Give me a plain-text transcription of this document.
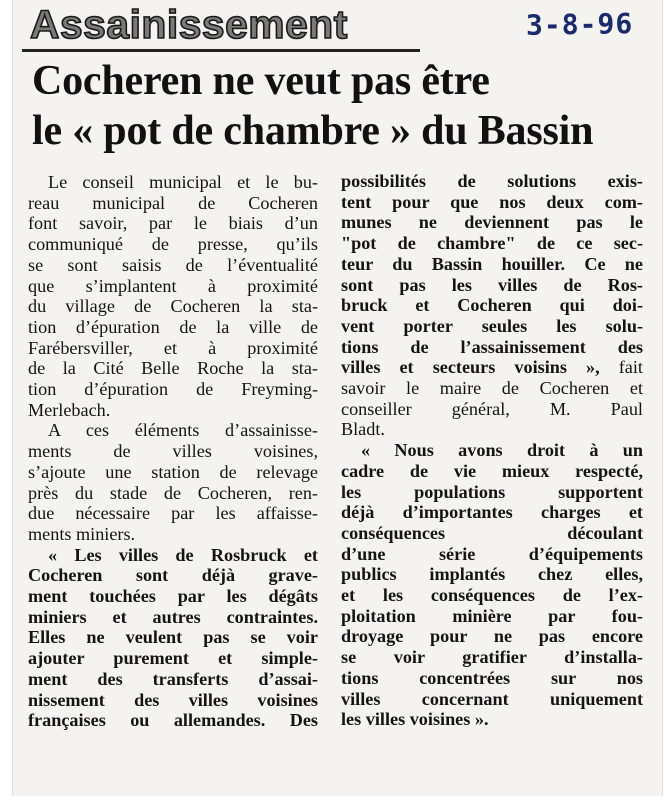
Assainissement	3-8-96
Cocheren ne veut pas être
le « pot de chambre » du Bassin
Le conseil municipal et le bu-
reau municipal de Cocheren
font savoir, par le biais d’un
communiqué de presse, qu’ils
se sont saisis de l’éventualité
que s’implantent à proximité
du village de Cocheren la sta-
tion d’épuration de la ville de
Farébersviller, et à proximité
de la Cité Belle Roche la sta-
tion d’épuration de Freyming-
Merlebach.
A ces éléments d’assainisse-
ments de villes voisines,
s’ajoute une station de relevage
près du stade de Cocheren, ren-
due nécessaire par les affaisse-
ments miniers.
« Les villes de Rosbruck et
Cocheren sont déjà grave-
ment touchées par les dégâts
miniers et autres contraintes.
Elles ne veulent pas se voir
ajouter purement et simple-
ment des transferts d’assai-
nissement des villes voisines
françaises ou allemandes. Des
possibilités de solutions exis-
tent pour que nos deux com-
munes ne deviennent pas le
"pot de chambre" de ce sec-
teur du Bassin houiller. Ce ne
sont pas les villes de Ros-
bruck et Cocheren qui doi-
vent porter seules les solu-
tions de l’assainissement des
villes et secteurs voisins », fait
savoir le maire de Cocheren et
conseiller général, M. Paul
Bladt.
« Nous avons droit à un
cadre de vie mieux respecté,
les populations supportent
déjà d’importantes charges et
conséquences découlant
d’une série d’équipements
publics implantés chez elles,
et les conséquences de l’ex-
ploitation minière par fou-
droyage pour ne pas encore
se voir gratifier d’installa-
tions concentrées sur nos
villes concernant uniquement
les villes voisines ».
